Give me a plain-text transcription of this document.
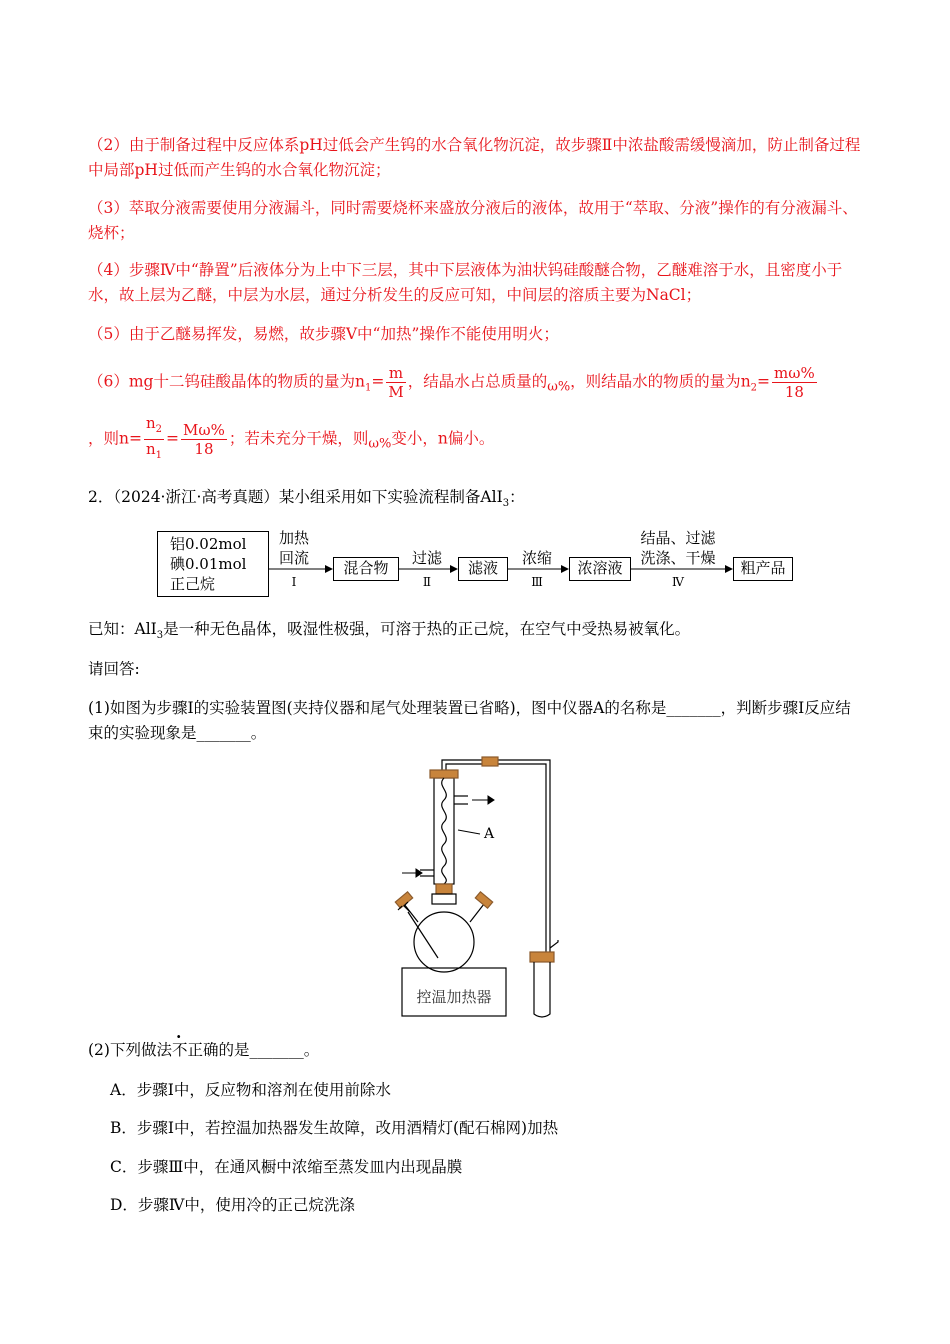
（2）由于制备过程中反应体系pH过低会产生钨的水合氧化物沉淀，故步骤Ⅱ中浓盐酸需缓慢滴加，防止制备过程中局部pH过低而产生钨的水合氧化物沉淀；
（3）萃取分液需要使用分液漏斗，同时需要烧杯来盛放分液后的液体，故用于“萃取、分液”操作的有分液漏斗、烧杯；
（4）步骤Ⅳ中“静置”后液体分为上中下三层，其中下层液体为油状钨硅酸醚合物，乙醚难溶于水，且密度小于水，故上层为乙醚，中层为水层，通过分析发生的反应可知，中间层的溶质主要为NaCl；
（5）由于乙醚易挥发，易燃，故步骤Ⅴ中“加热”操作不能使用明火；
（6）mg十二钨硅酸晶体的物质的量为$n_1= \frac{m}{M}$ ，结晶水占总质量的$_{\omega\%}$，则结晶水的物质的量为$n_2= \frac{m\omega\%}{18}$
，则$n= \frac{n_2}{n_1} = \frac{M\omega\%}{18}$ ；若未充分干燥，则$_{\omega\%}$变小，n偏小。
2．（2024·浙江·高考真题）某小组采用如下实验流程制备AlI$_3$：
铝0.02mol
碘0.01mol
正己烷
加热
回流
Ⅰ
混合物
过滤
Ⅱ
滤液
浓缩
Ⅲ
浓溶液
结晶、过滤
洗涤、干燥
Ⅳ
粗产品
已知：AlI$_3$是一种无色晶体，吸湿性极强，可溶于热的正己烷，在空气中受热易被氧化。
请回答:
(1)如图为步骤I的实验装置图(夹持仪器和尾气处理装置已省略)，图中仪器A的名称是_______，判断步骤I反应结束的实验现象是_______。
A
控温加热器
(2)下列做法不正确的是_______。
A．步骤I中，反应物和溶剂在使用前除水
B．步骤I中，若控温加热器发生故障，改用酒精灯(配石棉网)加热
C．步骤Ⅲ中，在通风橱中浓缩至蒸发皿内出现晶膜
D．步骤Ⅳ中，使用冷的正己烷洗涤
